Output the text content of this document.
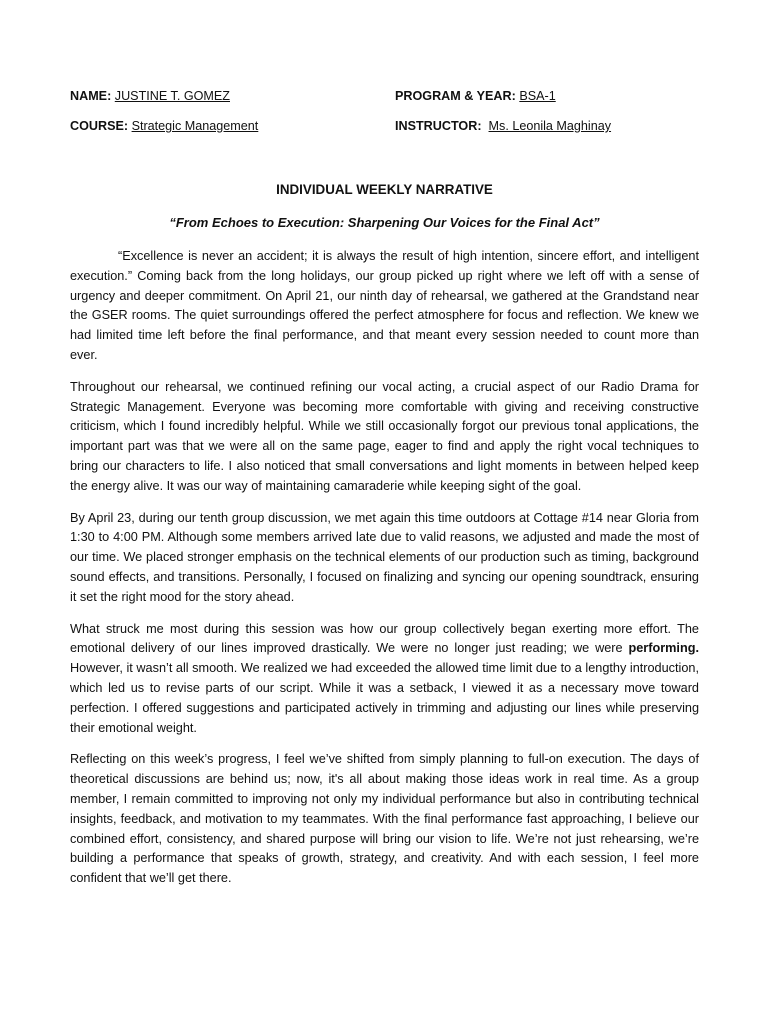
NAME: JUSTINE T. GOMEZ	PROGRAM & YEAR: BSA-1
COURSE: Strategic Management	INSTRUCTOR: Ms. Leonila Maghinay
INDIVIDUAL WEEKLY NARRATIVE
“From Echoes to Execution: Sharpening Our Voices for the Final Act”

“Excellence is never an accident; it is always the result of high intention, sincere effort, and intelligent execution.” Coming back from the long holidays, our group picked up right where we left off with a sense of urgency and deeper commitment. On April 21, our ninth day of rehearsal, we gathered at the Grandstand near the GSER rooms. The quiet surroundings offered the perfect atmosphere for focus and reflection. We knew we had limited time left before the final performance, and that meant every session needed to count more than ever.

Throughout our rehearsal, we continued refining our vocal acting, a crucial aspect of our Radio Drama for Strategic Management. Everyone was becoming more comfortable with giving and receiving constructive criticism, which I found incredibly helpful. While we still occasionally forgot our previous tonal applications, the important part was that we were all on the same page, eager to find and apply the right vocal techniques to bring our characters to life. I also noticed that small conversations and light moments in between helped keep the energy alive. It was our way of maintaining camaraderie while keeping sight of the goal.

By April 23, during our tenth group discussion, we met again this time outdoors at Cottage #14 near Gloria from 1:30 to 4:00 PM. Although some members arrived late due to valid reasons, we adjusted and made the most of our time. We placed stronger emphasis on the technical elements of our production such as timing, background sound effects, and transitions. Personally, I focused on finalizing and syncing our opening soundtrack, ensuring it set the right mood for the story ahead.

What struck me most during this session was how our group collectively began exerting more effort. The emotional delivery of our lines improved drastically. We were no longer just reading; we were performing. However, it wasn’t all smooth. We realized we had exceeded the allowed time limit due to a lengthy introduction, which led us to revise parts of our script. While it was a setback, I viewed it as a necessary move toward perfection. I offered suggestions and participated actively in trimming and adjusting our lines while preserving their emotional weight.

Reflecting on this week’s progress, I feel we’ve shifted from simply planning to full-on execution. The days of theoretical discussions are behind us; now, it's all about making those ideas work in real time. As a group member, I remain committed to improving not only my individual performance but also in contributing technical insights, feedback, and motivation to my teammates. With the final performance fast approaching, I believe our combined effort, consistency, and shared purpose will bring our vision to life. We’re not just rehearsing, we’re building a performance that speaks of growth, strategy, and creativity. And with each session, I feel more confident that we’ll get there.
